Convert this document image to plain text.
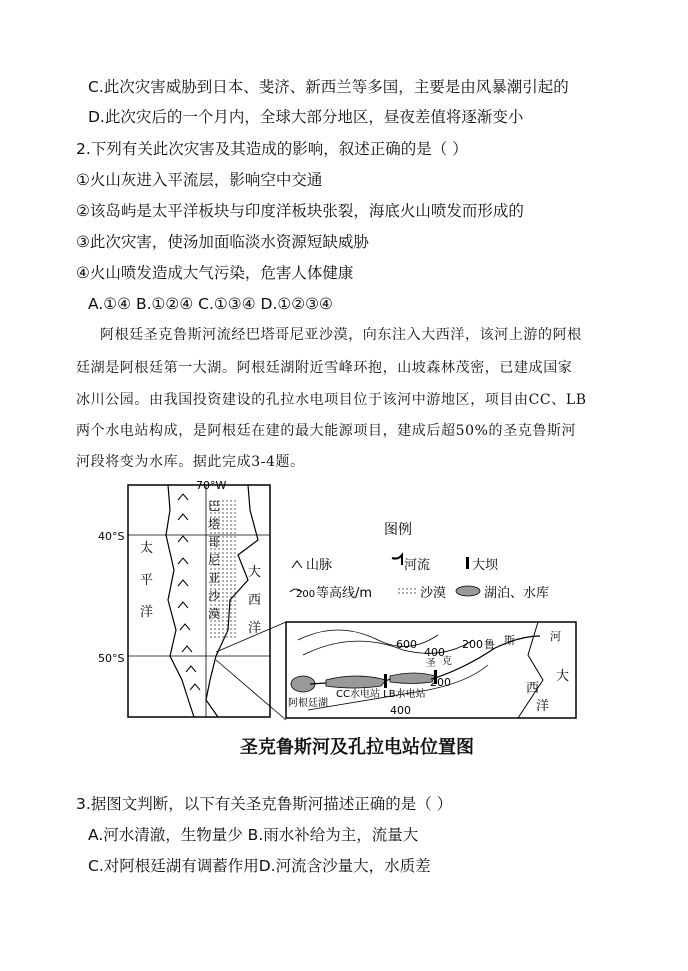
C.此次灾害威胁到日本、斐济、新西兰等多国，主要是由风暴潮引起的
D.此次灾后的一个月内，全球大部分地区，昼夜差值将逐渐变小
2.下列有关此次灾害及其造成的影响，叙述正确的是（ ）
①火山灰进入平流层，影响空中交通
②该岛屿是太平洋板块与印度洋板块张裂，海底火山喷发而形成的
③此次灾害，使汤加面临淡水资源短缺威胁
④火山喷发造成大气污染，危害人体健康
A.①④ B.①②④ C.①③④ D.①②③④
阿根廷圣克鲁斯河流经巴塔哥尼亚沙漠，向东注入大西洋，该河上游的阿根
廷湖是阿根廷第一大湖。阿根廷湖附近雪峰环抱，山坡森林茂密，已建成国家
冰川公园。由我国投资建设的孔拉水电项目位于该河中游地区，项目由CC、LB
两个水电站构成，是阿根廷在建的最大能源项目，建成后超50%的圣克鲁斯河
河段将变为水库。据此完成3-4题。
70°W
40°S
50°S
太
平
洋
大
西
洋
巴
塔
哥
尼
亚
沙
漠
图例
山脉	河流	大坝
200 等高线/m	沙漠	湖泊、水库
600
400
200
200
400
鲁 斯	河
圣 克
CC水电站 LB水电站
阿根廷湖
大
西
洋
圣克鲁斯河及孔拉电站位置图
3.据图文判断，以下有关圣克鲁斯河描述正确的是（ ）
A.河水清澈，生物量少 B.雨水补给为主，流量大
C.对阿根廷湖有调蓄作用D.河流含沙量大，水质差
